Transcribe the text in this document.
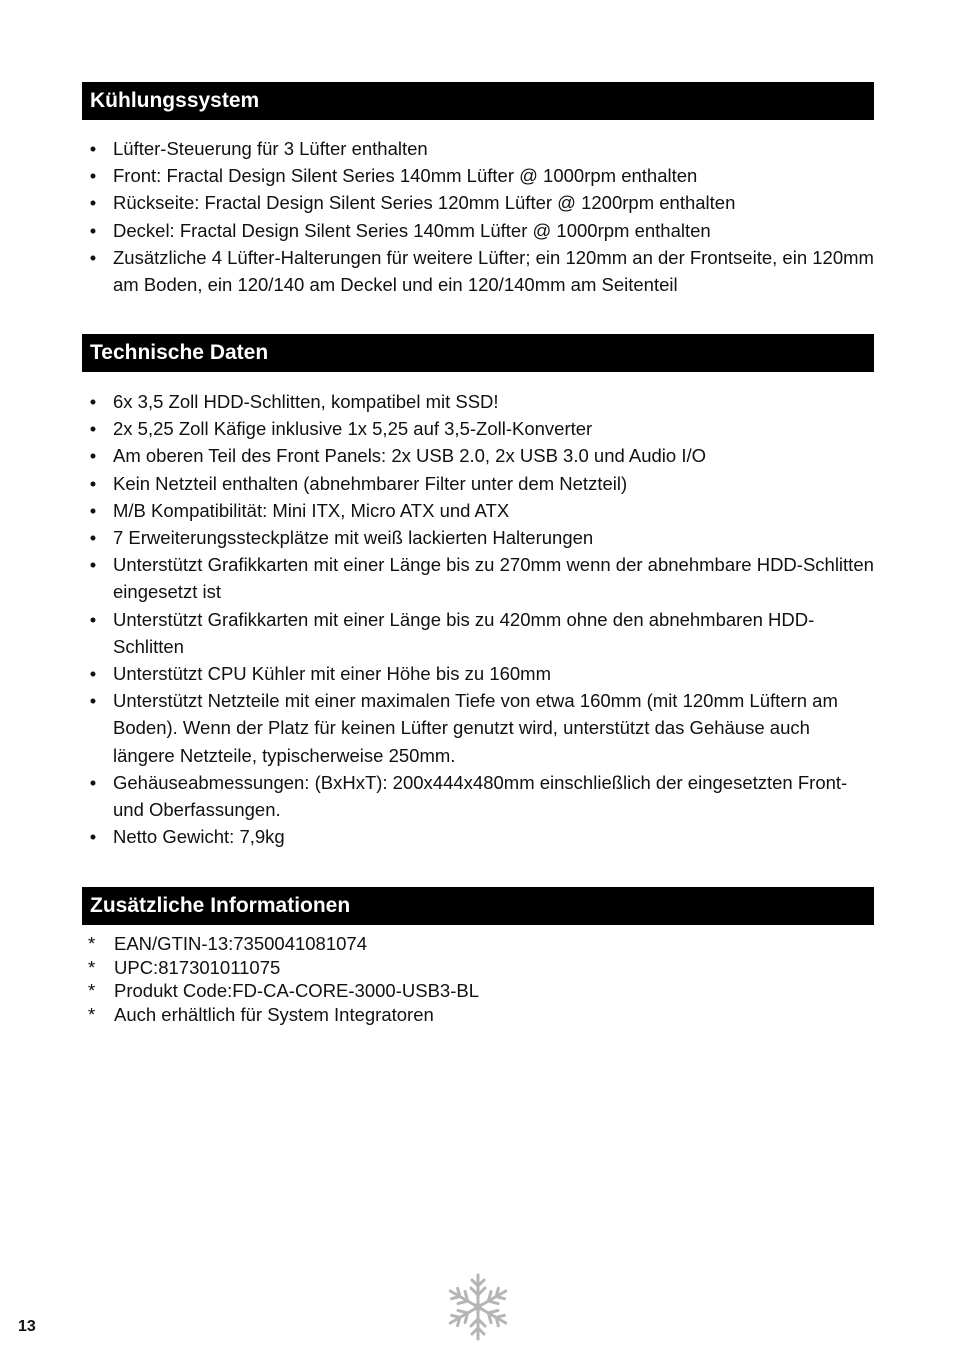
Kühlungssystem
• Lüfter-Steuerung für 3 Lüfter enthalten
• Front: Fractal Design Silent Series 140mm Lüfter @ 1000rpm enthalten
• Rückseite: Fractal Design Silent Series 120mm Lüfter @ 1200rpm enthalten
• Deckel: Fractal Design Silent Series 140mm Lüfter @ 1000rpm enthalten
• Zusätzliche 4 Lüfter-Halterungen für weitere Lüfter; ein 120mm an der Frontseite, ein 120mm am Boden, ein 120/140 am Deckel und ein 120/140mm am Seitenteil
Technische Daten
• 6x 3,5 Zoll HDD-Schlitten, kompatibel mit SSD!
• 2x 5,25 Zoll Käfige inklusive 1x 5,25 auf 3,5-Zoll-Konverter
• Am oberen Teil des Front Panels: 2x USB 2.0, 2x USB 3.0 und Audio I/O
• Kein Netzteil enthalten (abnehmbarer Filter unter dem Netzteil)
• M/B Kompatibilität: Mini ITX, Micro ATX und ATX
• 7 Erweiterungssteckplätze mit weiß lackierten Halterungen
• Unterstützt Grafikkarten mit einer Länge bis zu 270mm wenn der abnehmbare HDD-Schlitten eingesetzt ist
• Unterstützt Grafikkarten mit einer Länge bis zu 420mm ohne den abnehmbaren HDD-Schlitten
• Unterstützt CPU Kühler mit einer Höhe bis zu 160mm
• Unterstützt Netzteile mit einer maximalen Tiefe von etwa 160mm (mit 120mm Lüftern am Boden). Wenn der Platz für keinen Lüfter genutzt wird, unterstützt das Gehäuse auch längere Netzteile, typischerweise 250mm.
• Gehäuseabmessungen: (BxHxT): 200x444x480mm einschließlich der eingesetzten Front- und Oberfassungen.
• Netto Gewicht: 7,9kg
Zusätzliche Informationen
* EAN/GTIN-13:7350041081074
* UPC:817301011075
* Produkt Code:FD-CA-CORE-3000-USB3-BL
* Auch erhältlich für System Integratoren
13
